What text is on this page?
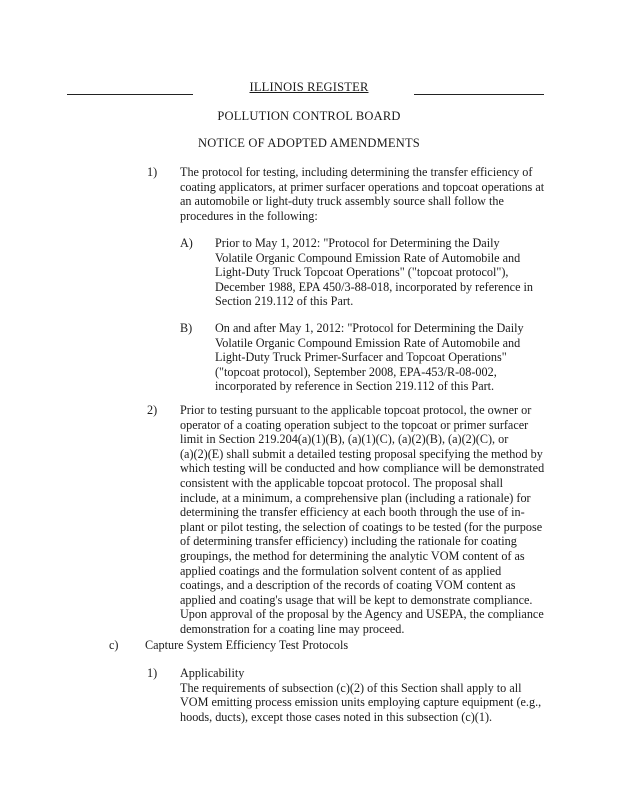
ILLINOIS REGISTER
POLLUTION CONTROL BOARD
NOTICE OF ADOPTED AMENDMENTS
1) The protocol for testing, including determining the transfer efficiency of
coating applicators, at primer surfacer operations and topcoat operations at
an automobile or light-duty truck assembly source shall follow the
procedures in the following:
A) Prior to May 1, 2012: "Protocol for Determining the Daily
Volatile Organic Compound Emission Rate of Automobile and
Light-Duty Truck Topcoat Operations" ("topcoat protocol"),
December 1988, EPA 450/3-88-018, incorporated by reference in
Section 219.112 of this Part.
B) On and after May 1, 2012: "Protocol for Determining the Daily
Volatile Organic Compound Emission Rate of Automobile and
Light-Duty Truck Primer-Surfacer and Topcoat Operations"
("topcoat protocol), September 2008, EPA-453/R-08-002,
incorporated by reference in Section 219.112 of this Part.
2) Prior to testing pursuant to the applicable topcoat protocol, the owner or
operator of a coating operation subject to the topcoat or primer surfacer
limit in Section 219.204(a)(1)(B), (a)(1)(C), (a)(2)(B), (a)(2)(C), or
(a)(2)(E) shall submit a detailed testing proposal specifying the method by
which testing will be conducted and how compliance will be demonstrated
consistent with the applicable topcoat protocol. The proposal shall
include, at a minimum, a comprehensive plan (including a rationale) for
determining the transfer efficiency at each booth through the use of in-
plant or pilot testing, the selection of coatings to be tested (for the purpose
of determining transfer efficiency) including the rationale for coating
groupings, the method for determining the analytic VOM content of as
applied coatings and the formulation solvent content of as applied
coatings, and a description of the records of coating VOM content as
applied and coating's usage that will be kept to demonstrate compliance.
Upon approval of the proposal by the Agency and USEPA, the compliance
demonstration for a coating line may proceed.
c) Capture System Efficiency Test Protocols
1) Applicability
The requirements of subsection (c)(2) of this Section shall apply to all
VOM emitting process emission units employing capture equipment (e.g.,
hoods, ducts), except those cases noted in this subsection (c)(1).
